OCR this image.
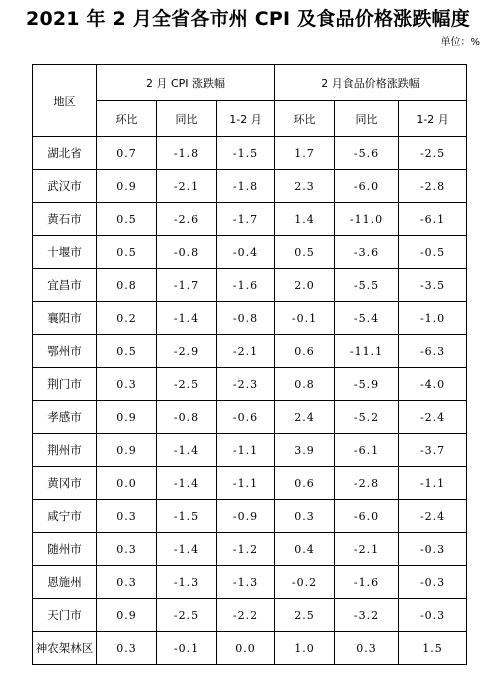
2021 年 2 月全省各市州 CPI 及食品价格涨跌幅度
单位：%
地区	2 月 CPI 涨跌幅			2 月食品价格涨跌幅		
	环比	同比	1-2 月	环比	同比	1-2 月
湖北省	0.7	-1.8	-1.5	1.7	-5.6	-2.5
武汉市	0.9	-2.1	-1.8	2.3	-6.0	-2.8
黄石市	0.5	-2.6	-1.7	1.4	-11.0	-6.1
十堰市	0.5	-0.8	-0.4	0.5	-3.6	-0.5
宜昌市	0.8	-1.7	-1.6	2.0	-5.5	-3.5
襄阳市	0.2	-1.4	-0.8	-0.1	-5.4	-1.0
鄂州市	0.5	-2.9	-2.1	0.6	-11.1	-6.3
荆门市	0.3	-2.5	-2.3	0.8	-5.9	-4.0
孝感市	0.9	-0.8	-0.6	2.4	-5.2	-2.4
荆州市	0.9	-1.4	-1.1	3.9	-6.1	-3.7
黄冈市	0.0	-1.4	-1.1	0.6	-2.8	-1.1
咸宁市	0.3	-1.5	-0.9	0.3	-6.0	-2.4
随州市	0.3	-1.4	-1.2	0.4	-2.1	-0.3
恩施州	0.3	-1.3	-1.3	-0.2	-1.6	-0.3
天门市	0.9	-2.5	-2.2	2.5	-3.2	-0.3
神农架林区	0.3	-0.1	0.0	1.0	0.3	1.5
